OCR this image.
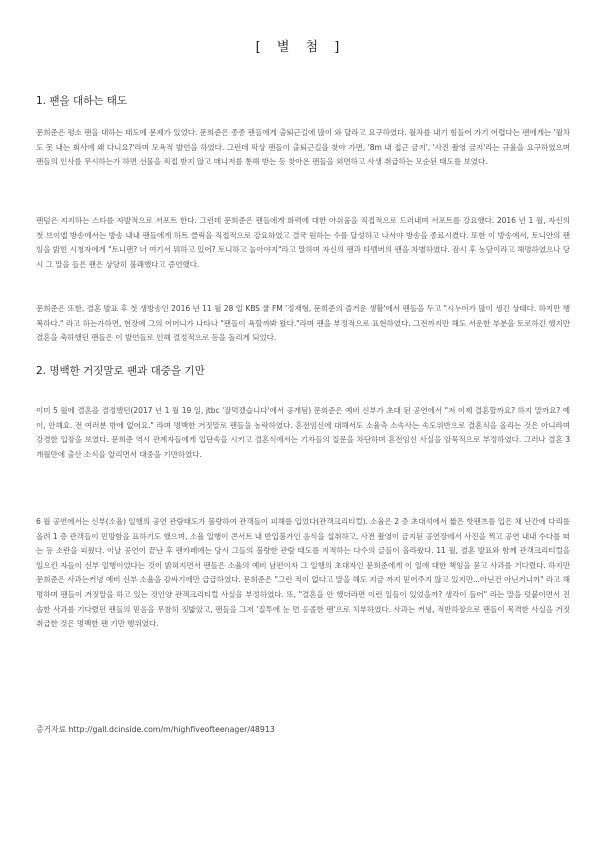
[ 별 첨 ]
1. 팬을 대하는 태도

문희준은 평소 팬을 대하는 태도에 문제가 있었다. 문희준은 종종 팬들에게 출퇴근길에 많이 와 달라고 요구하였다. 월차를 내기 힘들어 가기 어렵다는 팬에게는 '월차도 못 내는 회사에 왜 다니요?'라며 모욕적 발언을 하였다. 그런데 막상 팬들이 출퇴근길을 찾아 가면, '8m 내 접근 금지', '사진 촬영 금지'라는 규율을 요구하였으며 팬들의 인사를 무시하는가 하면 선물을 직접 받지 않고 매니저를 통해 받는 등 찾아온 팬들을 외면하고 사생 취급하는 모순된 태도를 보였다.

팬덤은 지지하는 스타를 자발적으로 서포트 한다. 그런데 문희준은 팬들에게 화력에 대한 아쉬움을 직접적으로 드러내며 서포트를 강요했다. 2016 년 1 월, 자신의 첫 브이앱 방송에서는 방송 내내 팬들에게 하트 클릭을 직접적으로 강요하였고 결국 원하는 수를 달성하고 나서야 방송을 종료시켰다. 또한 이 방송에서, 토니안의 팬임을 밝힌 시청자에게 "토니팬? 너 여기서 뭐하고 있어? 토니하고 놀아야지"라고 말하며 자신의 팬과 타멤버의 팬을 차별하였다. 잠시 후 농담이라고 해명하였으나 당시 그 말을 들은 팬은 상당히 불쾌했다고 증언했다.

문희준은 또한, 결혼 발표 후 첫 생방송인 2016 년 11 월 28 일 KBS 쿨 FM '정재형, 문희준의 즐거운 생활'에서 팬들을 두고 "시누이가 많이 생긴 상태다. 하지만 행복하다." 라고 하는가하면, 현장에 그의 어머니가 나타나 "팬들이 욕할까봐 왔다."라며 팬을 부정적으로 표현하였다. 그전까지만 해도 서운한 부분을 토로하긴 했지만 결혼을 축하했던 팬들은 이 발언들로 인해 결정적으로 등을 돌리게 되었다.

2. 명백한 거짓말로 팬과 대중을 기만

이미 5 월에 결혼을 결정했던(2017 년 1 월 19 일, jtbc '잘먹겠습니다'에서 공개됨) 문희준은 예비 신부가 초대 된 공연에서 "저 이제 결혼할까요? 하지 말까요? 예이, 안해요. 전 여러분 밖에 없어요." 라며 명백한 거짓말로 팬들을 농락하였다. 혼전임신에 대해서도 소율측 소속사는 속도위반으로 결혼식을 올리는 것은 아니라며 강경한 입장을 보였다. 문희준 역시 관계자들에게 입단속을 시키고 결혼식에서는 기자들의 질문을 차단하며 혼전임신 사실을 암묵적으로 부정하였다. 그러나 결혼 3 개월만에 출산 소식을 알리면서 대중을 기만하였다.

6 월 공연에서는 신부(소율) 일행의 공연 관람태도가 불량하여 관객들이 피해를 입었다(관객크리티컬). 소율은 2 층 초대석에서 짧은 핫팬츠를 입은 채 난간에 다리를 올려 1 층 관객들이 민망함을 표하기도 했으며, 소율 일행이 콘서트 내 반입불가인 음식을 섭취하고, 사전 촬영이 금지된 공연장에서 사진을 찍고 공연 내내 수다를 떠는 등 소란을 피웠다. 이날 공연이 끝난 후 팬카페에는 당시 그들의 불량한 관람 태도를 지적하는 다수의 글들이 올라왔다. 11 월, 결혼 발표와 함께 관객크리티컬을 일으킨 자들이 신부 일행이었다는 것이 밝혀지면서 팬들은 소율의 예비 남편이자 그 일행의 초대자인 문희준에게 이 일에 대한 책임을 묻고 사과를 기다렸다. 하지만 문희준은 사과는커녕 예비 신부 소율을 감싸기에만 급급하였다. 문희준은 "그런 적이 없다고 말을 해도 지금 까지 믿어주지 않고 있지만...아닌건 아닌거니까" 라고 해명하며 팬들이 거짓말을 하고 있는 것인양 관객크리티컬 사실을 부정하였다. 또, "결혼을 안 했더라면 이런 일들이 있었을까? 생각이 들어" 라는 말을 덧붙이면서 진솔한 사과를 기다렸던 팬들의 믿음을 무참히 짓밟았고, 팬들을 그저 '질투에 눈 먼 옹졸한 팬'으로 치부하였다. 사과는 커녕, 적반하장으로 팬들이 목격한 사실을 거짓 취급한 것은 명백한 팬 기만 행위였다.

증거자료 http://gall.dcinside.com/m/highfiveofteenager/48913
